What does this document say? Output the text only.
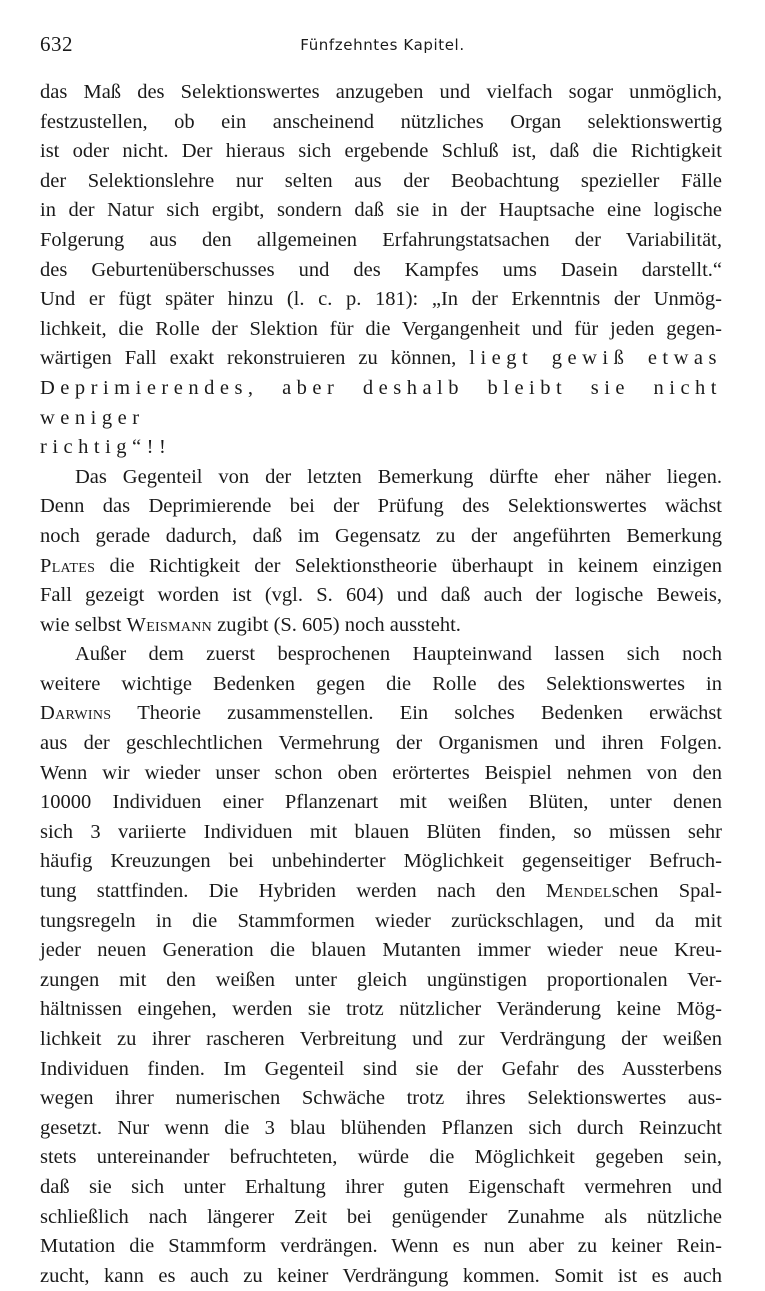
632	Fünfzehntes Kapitel.

das Maß des Selektionswertes anzugeben und vielfach sogar unmöglich,

festzustellen, ob ein anscheinend nützliches Organ selektionswertig

ist oder nicht. Der hieraus sich ergebende Schluß ist, daß die Richtigkeit

der Selektionslehre nur selten aus der Beobachtung spezieller Fälle

in der Natur sich ergibt, sondern daß sie in der Hauptsache eine logische

Folgerung aus den allgemeinen Erfahrungstatsachen der Variabilität,

des Geburtenüberschusses und des Kampfes ums Dasein darstellt.“

Und er fügt später hinzu (l. c. p. 181): „In der Erkenntnis der Unmög-

lichkeit, die Rolle der Slektion für die Vergangenheit und für jeden gegen-

wärtigen Fall exakt rekonstruieren zu können, liegt gewiß etwas

Deprimierendes, aber deshalb bleibt sie nicht weniger

richtig“!!

Das Gegenteil von der letzten Bemerkung dürfte eher näher liegen.

Denn das Deprimierende bei der Prüfung des Selektionswertes wächst

noch gerade dadurch, daß im Gegensatz zu der angeführten Bemerkung

Plates die Richtigkeit der Selektionstheorie überhaupt in keinem einzigen

Fall gezeigt worden ist (vgl. S. 604) und daß auch der logische Beweis,

wie selbst Weismann zugibt (S. 605) noch aussteht.

Außer dem zuerst besprochenen Haupteinwand lassen sich noch

weitere wichtige Bedenken gegen die Rolle des Selektionswertes in

Darwins Theorie zusammenstellen. Ein solches Bedenken erwächst

aus der geschlechtlichen Vermehrung der Organismen und ihren Folgen.

Wenn wir wieder unser schon oben erörtertes Beispiel nehmen von den

10000 Individuen einer Pflanzenart mit weißen Blüten, unter denen

sich 3 variierte Individuen mit blauen Blüten finden, so müssen sehr

häufig Kreuzungen bei unbehinderter Möglichkeit gegenseitiger Befruch-

tung stattfinden. Die Hybriden werden nach den Mendelschen Spal-

tungsregeln in die Stammformen wieder zurückschlagen, und da mit

jeder neuen Generation die blauen Mutanten immer wieder neue Kreu-

zungen mit den weißen unter gleich ungünstigen proportionalen Ver-

hältnissen eingehen, werden sie trotz nützlicher Veränderung keine Mög-

lichkeit zu ihrer rascheren Verbreitung und zur Verdrängung der weißen

Individuen finden. Im Gegenteil sind sie der Gefahr des Aussterbens

wegen ihrer numerischen Schwäche trotz ihres Selektionswertes aus-

gesetzt. Nur wenn die 3 blau blühenden Pflanzen sich durch Reinzucht

stets untereinander befruchteten, würde die Möglichkeit gegeben sein,

daß sie sich unter Erhaltung ihrer guten Eigenschaft vermehren und

schließlich nach längerer Zeit bei genügender Zunahme als nützliche

Mutation die Stammform verdrängen. Wenn es nun aber zu keiner Rein-

zucht, kann es auch zu keiner Verdrängung kommen. Somit ist es auch
